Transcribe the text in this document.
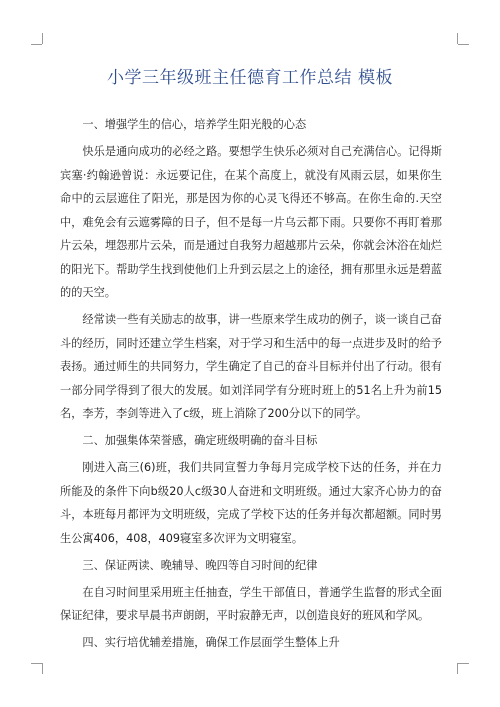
小学三年级班主任德育工作总结 模板

一、增强学生的信心，培养学生阳光般的心态

快乐是通向成功的必经之路。要想学生快乐必须对自己充满信心。记得斯宾塞·约翰逊曾说：永远要记住，在某个高度上，就没有风雨云层，如果你生命中的云层遮住了阳光，那是因为你的心灵飞得还不够高。在你生命的.天空中，难免会有云遮雾障的日子，但不是每一片乌云都下雨。只要你不再盯着那片云朵，埋怨那片云朵，而是通过自我努力超越那片云朵，你就会沐浴在灿烂的阳光下。帮助学生找到使他们上升到云层之上的途径，拥有那里永远是碧蓝的的天空。

经常读一些有关励志的故事，讲一些原来学生成功的例子，谈一谈自己奋斗的经历，同时还建立学生档案，对于学习和生活中的每一点进步及时的给予表扬。通过师生的共同努力，学生确定了自己的奋斗目标并付出了行动。很有一部分同学得到了很大的发展。如刘洋同学有分班时班上的51名上升为前15名，李芳，李剑等进入了c级，班上消除了200分以下的同学。

二、加强集体荣誉感，确定班级明确的奋斗目标

刚进入高三(6)班，我们共同宣誓力争每月完成学校下达的任务，并在力所能及的条件下向b级20人c级30人奋进和文明班级。通过大家齐心协力的奋斗，本班每月都评为文明班级，完成了学校下达的任务并每次都超额。同时男生公寓406，408，409寝室多次评为文明寝室。

三、保证两读、晚辅导、晚四等自习时间的纪律

在自习时间里采用班主任抽查，学生干部值日，普通学生监督的形式全面保证纪律，要求早晨书声朗朗，平时寂静无声，以创造良好的班风和学风。

四、实行培优辅差措施，确保工作层面学生整体上升
